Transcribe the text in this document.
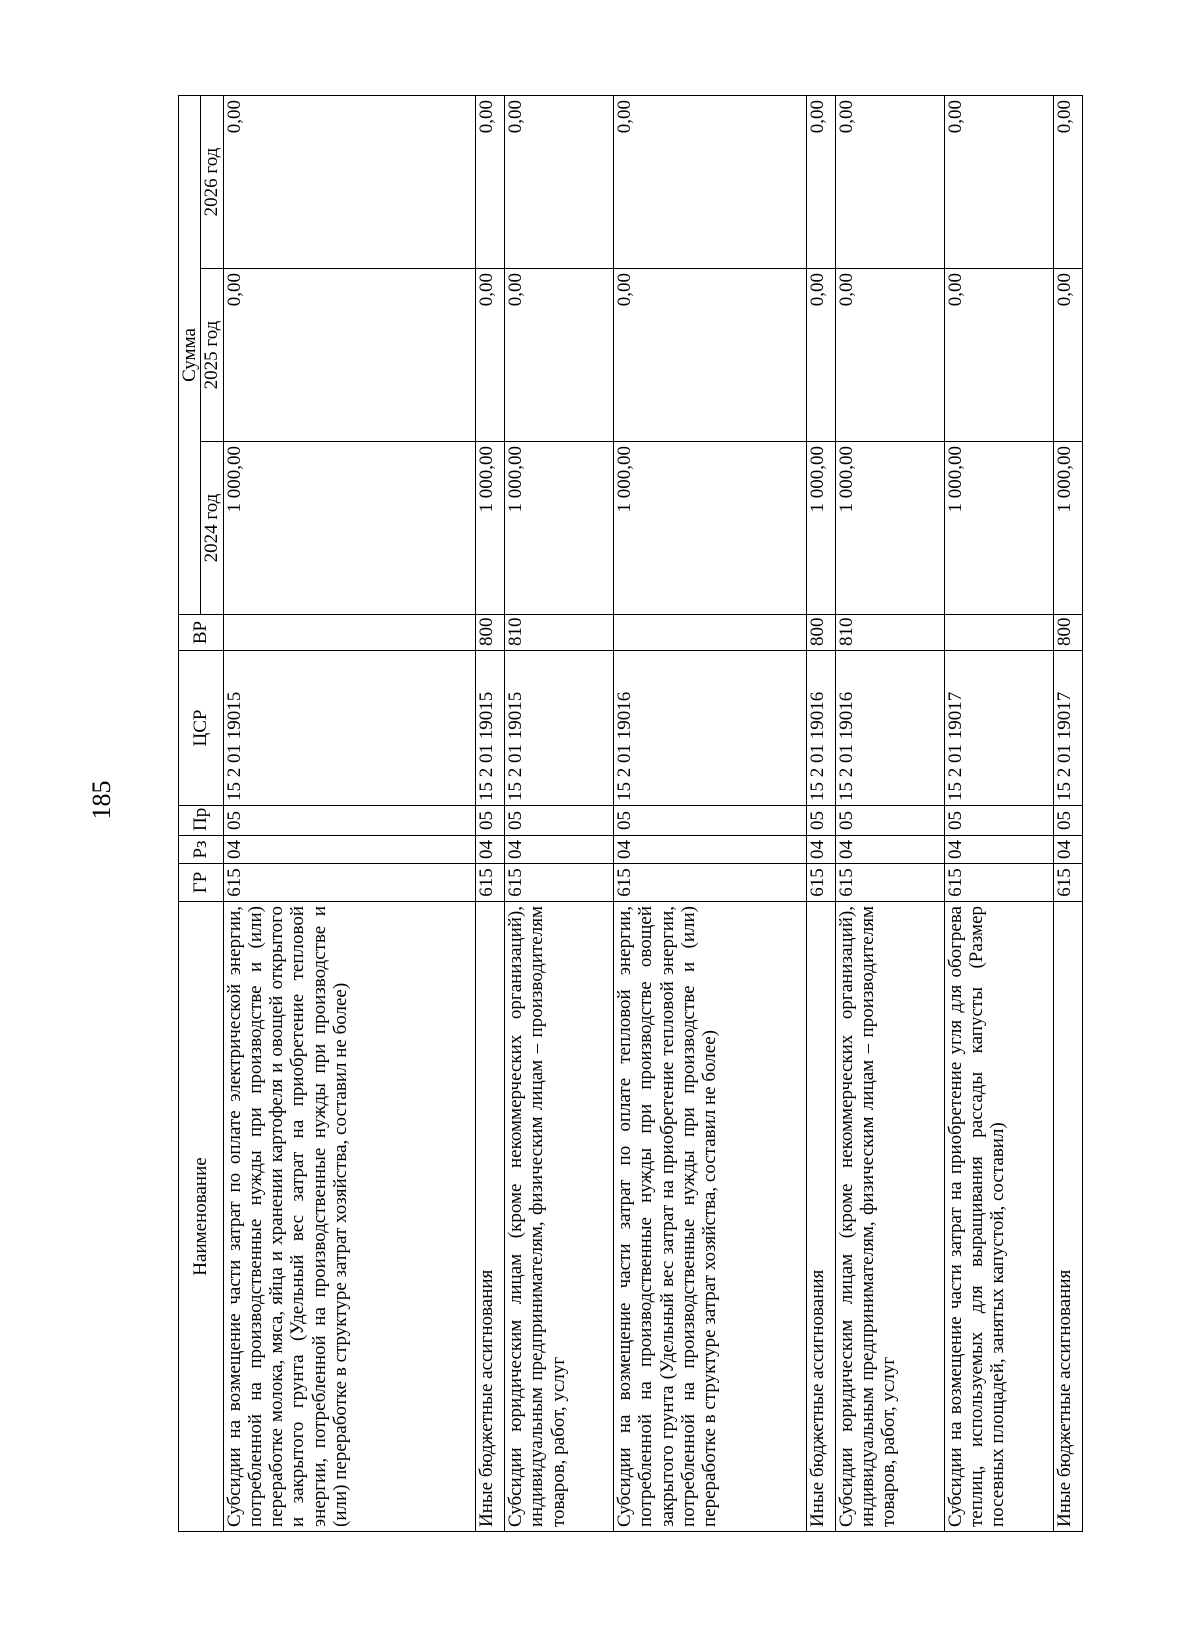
185
Наименование	ГР	Рз	Пр	ЦСР	ВР	Сумма		
						2024 год	2025 год	2026 год
Субсидии на возмещение части затрат по оплате электрической энергии, потребленной на производственные нужды при производстве и (или) переработке молока, мяса, яйца и хранении картофеля и овощей открытого и закрытого грунта (Удельный вес затрат на приобретение тепловой энергии, потребленной на производственные нужды при производстве и (или) переработке в структуре затрат хозяйства, составил не более)	615	04	05	15 2 01 19015		1 000,00	0,00	0,00
Иные бюджетные ассигнования	615	04	05	15 2 01 19015	800	1 000,00	0,00	0,00
Субсидии юридическим лицам (кроме некоммерческих организаций), индивидуальным предпринимателям, физическим лицам – производителям товаров, работ, услуг	615	04	05	15 2 01 19015	810	1 000,00	0,00	0,00
Субсидии на возмещение части затрат по оплате тепловой энергии, потребленной на производственные нужды при производстве овощей закрытого грунта (Удельный вес затрат на приобретение тепловой энергии, потребленной на производственные нужды при производстве и (или) переработке в структуре затрат хозяйства, составил не более)	615	04	05	15 2 01 19016		1 000,00	0,00	0,00
Иные бюджетные ассигнования	615	04	05	15 2 01 19016	800	1 000,00	0,00	0,00
Субсидии юридическим лицам (кроме некоммерческих организаций), индивидуальным предпринимателям, физическим лицам – производителям товаров, работ, услуг	615	04	05	15 2 01 19016	810	1 000,00	0,00	0,00
Субсидии на возмещение части затрат на приобретение угля для обогрева теплиц, используемых для выращивания рассады капусты (Размер посевных площадей, занятых капустой, составил)	615	04	05	15 2 01 19017		1 000,00	0,00	0,00
Иные бюджетные ассигнования	615	04	05	15 2 01 19017	800	1 000,00	0,00	0,00
